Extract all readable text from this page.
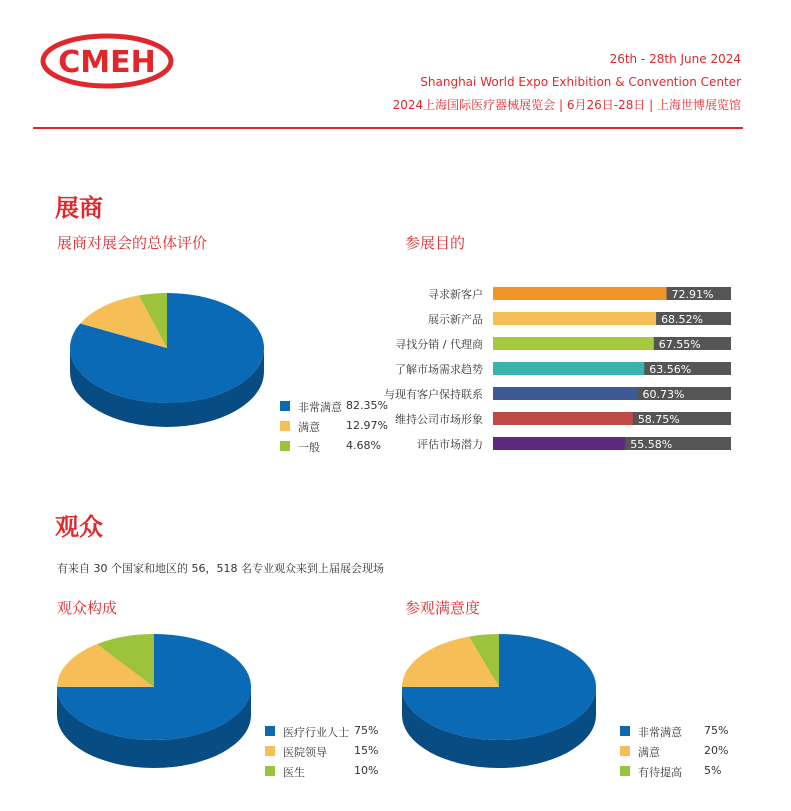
CMEH	26th - 28th June 2024
Shanghai World Expo Exhibition & Convention Center
2024上海国际医疗器械展览会 | 6月26日-28日 | 上海世博展览馆
展商
展商对展会的总体评价	参展目的
非常满意 82.35%
满意 12.97%
一般 4.68%
寻求新客户	72.91%
展示新产品	68.52%
寻找分销 / 代理商	67.55%
了解市场需求趋势	63.56%
与现有客户保持联系	60.73%
维持公司市场形象	58.75%
评估市场潜力	55.58%
观众
有来自 30 个国家和地区的 56，518 名专业观众来到上届展会现场
观众构成	参观满意度
医疗行业人士 75%
医院领导 15%
医生	10%
非常满意 75%
满意	20%
有待提高 5%
